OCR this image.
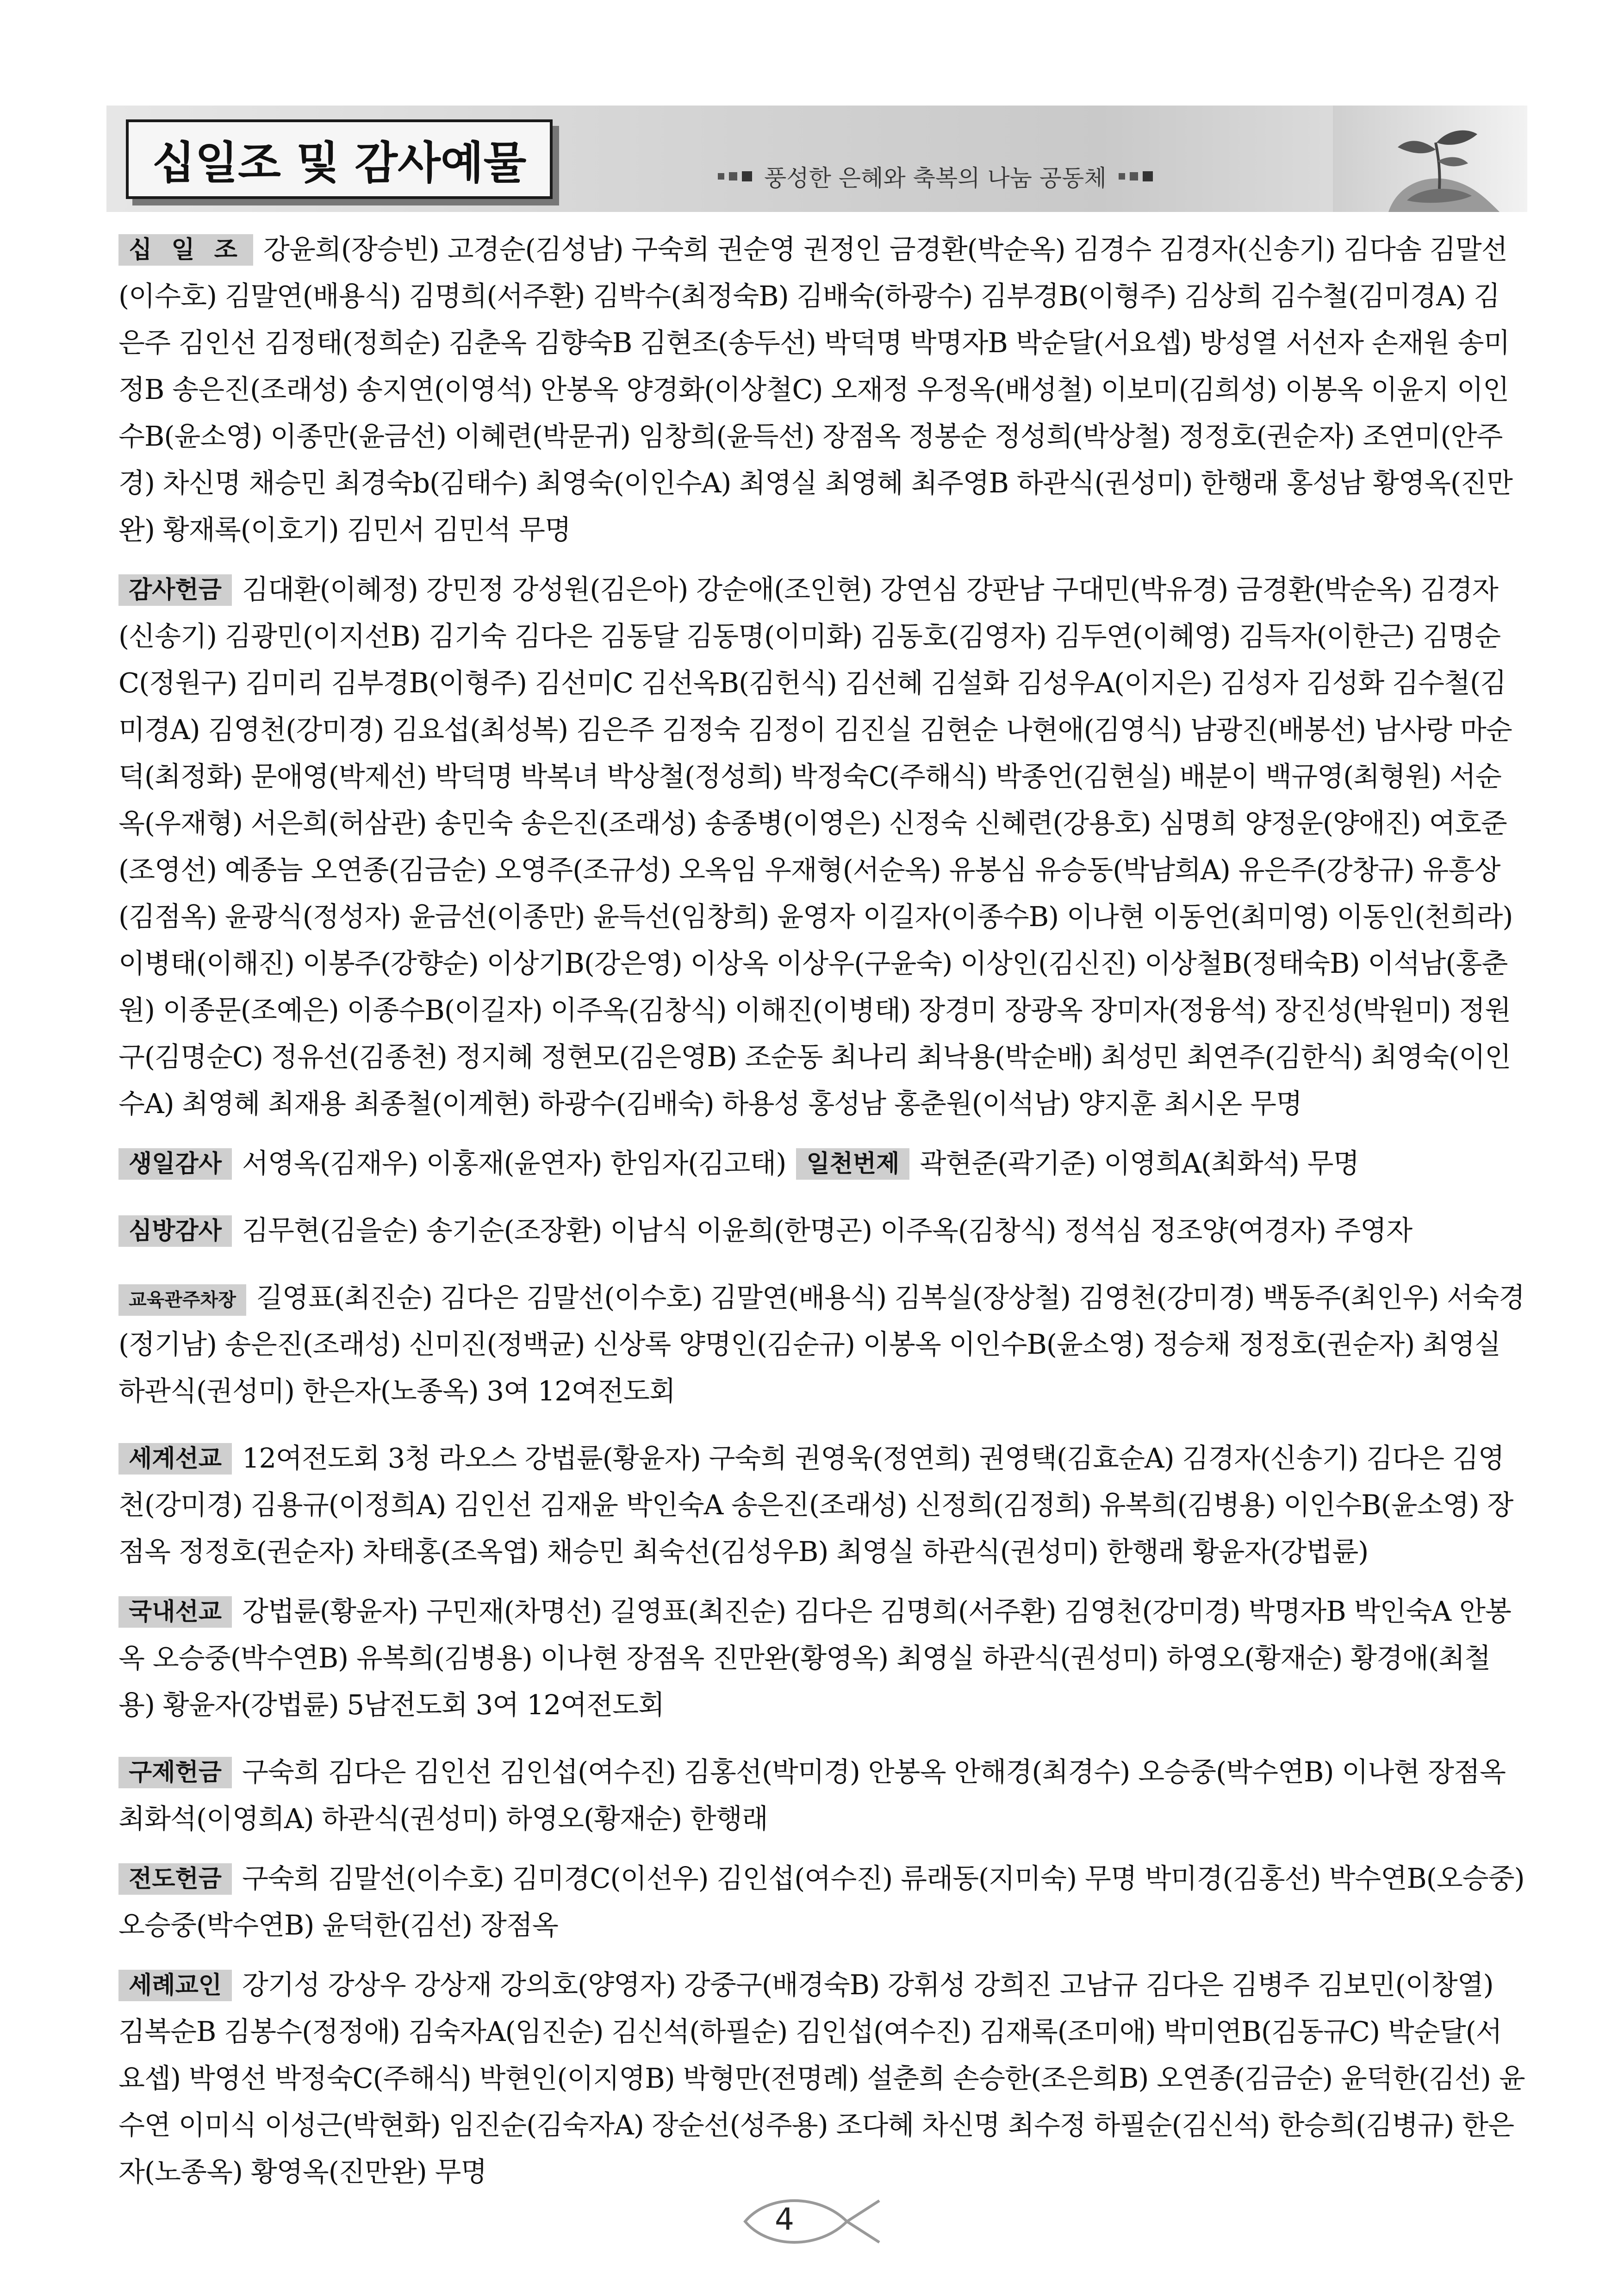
십일조 및 감사예물	풍성한 은혜와 축복의 나눔 공동체

십 일 조 강윤희(장승빈) 고경순(김성남) 구숙희 권순영 권정인 금경환(박순옥) 김경수 김경자(신송기) 김다솜 김말선(이수호) 김말연(배용식) 김명희(서주환) 김박수(최정숙B) 김배숙(하광수) 김부경B(이형주) 김상희 김수철(김미경A) 김은주 김인선 김정태(정희순) 김춘옥 김향숙B 김현조(송두선) 박덕명 박명자B 박순달(서요셉) 방성열 서선자 손재원 송미정B 송은진(조래성) 송지연(이영석) 안봉옥 양경화(이상철C) 오재정 우정옥(배성철) 이보미(김희성) 이봉옥 이윤지 이인수B(윤소영) 이종만(윤금선) 이혜련(박문귀) 임창희(윤득선) 장점옥 정봉순 정성희(박상철) 정정호(권순자) 조연미(안주경) 차신명 채승민 최경숙b(김태수) 최영숙(이인수A) 최영실 최영혜 최주영B 하관식(권성미) 한행래 홍성남 황영옥(진만완) 황재록(이호기) 김민서 김민석 무명

감사헌금 김대환(이혜정) 강민정 강성원(김은아) 강순애(조인현) 강연심 강판남 구대민(박유경) 금경환(박순옥) 김경자(신송기) 김광민(이지선B) 김기숙 김다은 김동달 김동명(이미화) 김동호(김영자) 김두연(이혜영) 김득자(이한근) 김명순C(정원구) 김미리 김부경B(이형주) 김선미C 김선옥B(김헌식) 김선혜 김설화 김성우A(이지은) 김성자 김성화 김수철(김미경A) 김영천(강미경) 김요섭(최성복) 김은주 김정숙 김정이 김진실 김현순 나현애(김영식) 남광진(배봉선) 남사랑 마순덕(최정화) 문애영(박제선) 박덕명 박복녀 박상철(정성희) 박정숙C(주해식) 박종언(김현실) 배분이 백규영(최형원) 서순옥(우재형) 서은희(허삼관) 송민숙 송은진(조래성) 송종병(이영은) 신정숙 신혜련(강용호) 심명희 양정운(양애진) 여호준(조영선) 예종늠 오연종(김금순) 오영주(조규성) 오옥임 우재형(서순옥) 유봉심 유승동(박남희A) 유은주(강창규) 유흥상(김점옥) 윤광식(정성자) 윤금선(이종만) 윤득선(임창희) 윤영자 이길자(이종수B) 이나현 이동언(최미영) 이동인(천희라) 이병태(이해진) 이봉주(강향순) 이상기B(강은영) 이상옥 이상우(구윤숙) 이상인(김신진) 이상철B(정태숙B) 이석남(홍춘원) 이종문(조예은) 이종수B(이길자) 이주옥(김창식) 이해진(이병태) 장경미 장광옥 장미자(정융석) 장진성(박원미) 정원구(김명순C) 정유선(김종천) 정지혜 정현모(김은영B) 조순동 최나리 최낙용(박순배) 최성민 최연주(김한식) 최영숙(이인수A) 최영혜 최재용 최종철(이계현) 하광수(김배숙) 하용성 홍성남 홍춘원(이석남) 양지훈 최시온 무명

생일감사 서영옥(김재우) 이홍재(윤연자) 한임자(김고태) 일천번제 곽현준(곽기준) 이영희A(최화석) 무명

심방감사 김무현(김을순) 송기순(조장환) 이남식 이윤희(한명곤) 이주옥(김창식) 정석심 정조양(여경자) 주영자

교육관주차장 길영표(최진순) 김다은 김말선(이수호) 김말연(배용식) 김복실(장상철) 김영천(강미경) 백동주(최인우) 서숙경(정기남) 송은진(조래성) 신미진(정백균) 신상록 양명인(김순규) 이봉옥 이인수B(윤소영) 정승채 정정호(권순자) 최영실 하관식(권성미) 한은자(노종옥) 3여 12여전도회

세계선교 12여전도회 3청 라오스 강법륜(황윤자) 구숙희 권영욱(정연희) 권영택(김효순A) 김경자(신송기) 김다은 김영천(강미경) 김용규(이정희A) 김인선 김재윤 박인숙A 송은진(조래성) 신정희(김정희) 유복희(김병용) 이인수B(윤소영) 장점옥 정정호(권순자) 차태홍(조옥엽) 채승민 최숙선(김성우B) 최영실 하관식(권성미) 한행래 황윤자(강법륜)

국내선교 강법륜(황윤자) 구민재(차명선) 길영표(최진순) 김다은 김명희(서주환) 김영천(강미경) 박명자B 박인숙A 안봉옥 오승중(박수연B) 유복희(김병용) 이나현 장점옥 진만완(황영옥) 최영실 하관식(권성미) 하영오(황재순) 황경애(최철용) 황윤자(강법륜) 5남전도회 3여 12여전도회

구제헌금 구숙희 김다은 김인선 김인섭(여수진) 김홍선(박미경) 안봉옥 안해경(최경수) 오승중(박수연B) 이나현 장점옥 최화석(이영희A) 하관식(권성미) 하영오(황재순) 한행래

전도헌금 구숙희 김말선(이수호) 김미경C(이선우) 김인섭(여수진) 류래동(지미숙) 무명 박미경(김홍선) 박수연B(오승중) 오승중(박수연B) 윤덕한(김선) 장점옥

세례교인 강기성 강상우 강상재 강의호(양영자) 강중구(배경숙B) 강휘성 강희진 고남규 김다은 김병주 김보민(이창열) 김복순B 김봉수(정정애) 김숙자A(임진순) 김신석(하필순) 김인섭(여수진) 김재록(조미애) 박미연B(김동규C) 박순달(서요셉) 박영선 박정숙C(주해식) 박현인(이지영B) 박형만(전명례) 설춘희 손승한(조은희B) 오연종(김금순) 윤덕한(김선) 윤수연 이미식 이성근(박현화) 임진순(김숙자A) 장순선(성주용) 조다혜 차신명 최수정 하필순(김신석) 한승희(김병규) 한은자(노종옥) 황영옥(진만완) 무명

4
